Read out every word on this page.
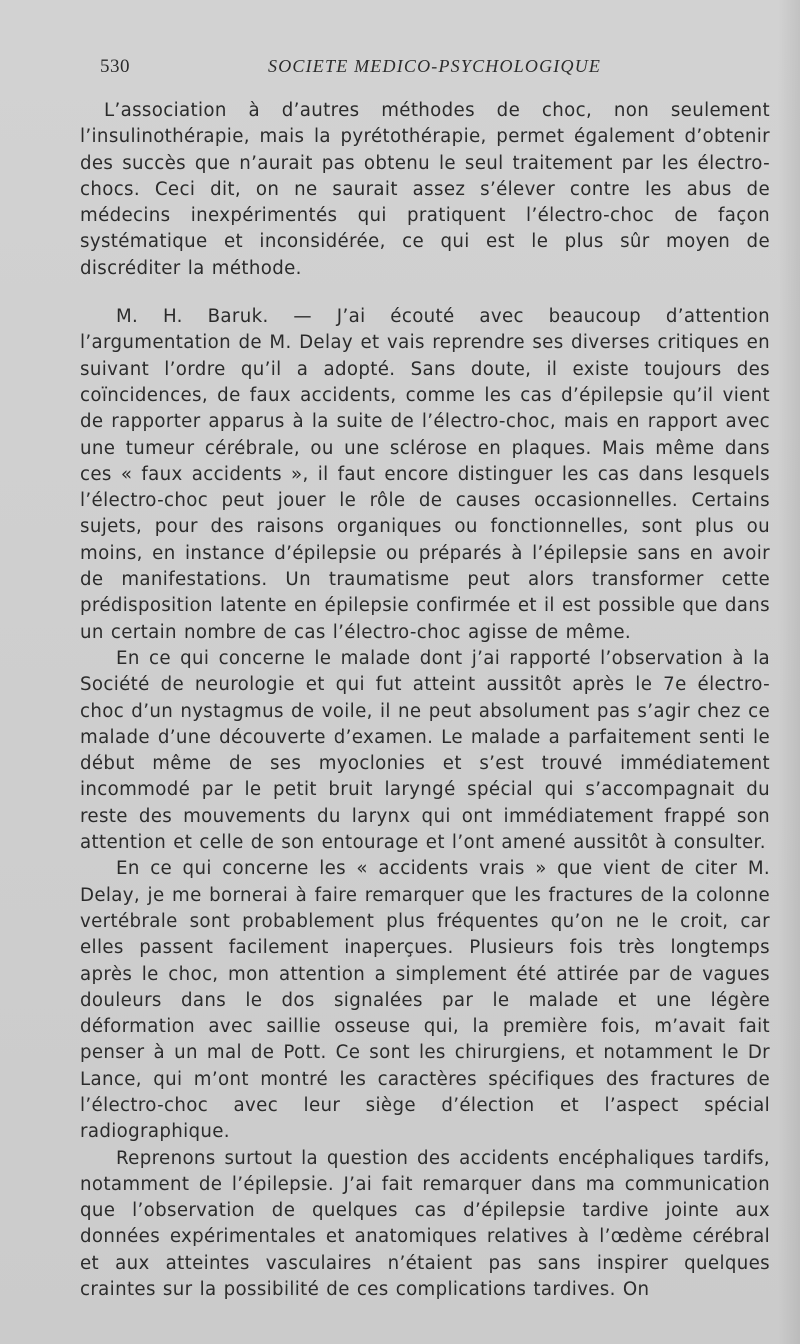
530	SOCIETE MEDICO-PSYCHOLOGIQUE

L’association à d’autres méthodes de choc, non seulement l’insulinothérapie, mais la pyrétothérapie, permet également d’obtenir des succès que n’aurait pas obtenu le seul traitement par les électro-chocs. Ceci dit, on ne saurait assez s’élever contre les abus de médecins inexpérimentés qui pratiquent l’électro-choc de façon systématique et inconsidérée, ce qui est le plus sûr moyen de discréditer la méthode.

M. H. Baruk. — J’ai écouté avec beaucoup d’attention l’argumentation de M. Delay et vais reprendre ses diverses critiques en suivant l’ordre qu’il a adopté. Sans doute, il existe toujours des coïncidences, de faux accidents, comme les cas d’épilepsie qu’il vient de rapporter apparus à la suite de l’électro-choc, mais en rapport avec une tumeur cérébrale, ou une sclérose en plaques. Mais même dans ces « faux accidents », il faut encore distinguer les cas dans lesquels l’électro-choc peut jouer le rôle de causes occasionnelles. Certains sujets, pour des raisons organiques ou fonctionnelles, sont plus ou moins, en instance d’épilepsie ou préparés à l’épilepsie sans en avoir de manifestations. Un traumatisme peut alors transformer cette prédisposition latente en épilepsie confirmée et il est possible que dans un certain nombre de cas l’électro-choc agisse de même.

En ce qui concerne le malade dont j’ai rapporté l’observation à la Société de neurologie et qui fut atteint aussitôt après le 7e électro-choc d’un nystagmus de voile, il ne peut absolument pas s’agir chez ce malade d’une découverte d’examen. Le malade a parfaitement senti le début même de ses myoclonies et s’est trouvé immédiatement incommodé par le petit bruit laryngé spécial qui s’accompagnait du reste des mouvements du larynx qui ont immédiatement frappé son attention et celle de son entourage et l’ont amené aussitôt à consulter.

En ce qui concerne les « accidents vrais » que vient de citer M. Delay, je me bornerai à faire remarquer que les fractures de la colonne vertébrale sont probablement plus fréquentes qu’on ne le croit, car elles passent facilement inaperçues. Plusieurs fois très longtemps après le choc, mon attention a simplement été attirée par de vagues douleurs dans le dos signalées par le malade et une légère déformation avec saillie osseuse qui, la première fois, m’avait fait penser à un mal de Pott. Ce sont les chirurgiens, et notamment le Dr Lance, qui m’ont montré les caractères spécifiques des fractures de l’électro-choc avec leur siège d’élection et l’aspect spécial radiographique.

Reprenons surtout la question des accidents encéphaliques tardifs, notamment de l’épilepsie. J’ai fait remarquer dans ma communication que l’observation de quelques cas d’épilepsie tardive jointe aux données expérimentales et anatomiques relatives à l’œdème cérébral et aux atteintes vasculaires n’étaient pas sans inspirer quelques craintes sur la possibilité de ces complications tardives. On
